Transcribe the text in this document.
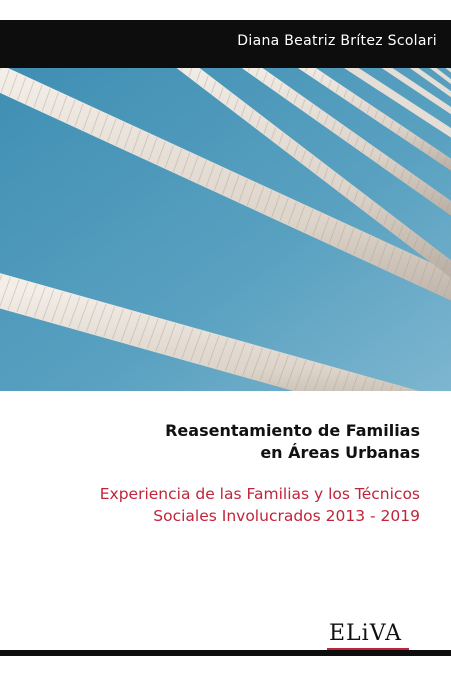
Diana Beatriz Brítez Scolari
Reasentamiento de Familias
en Áreas Urbanas
Experiencia de las Familias y los Técnicos
Sociales Involucrados 2013 - 2019
ELiVA
